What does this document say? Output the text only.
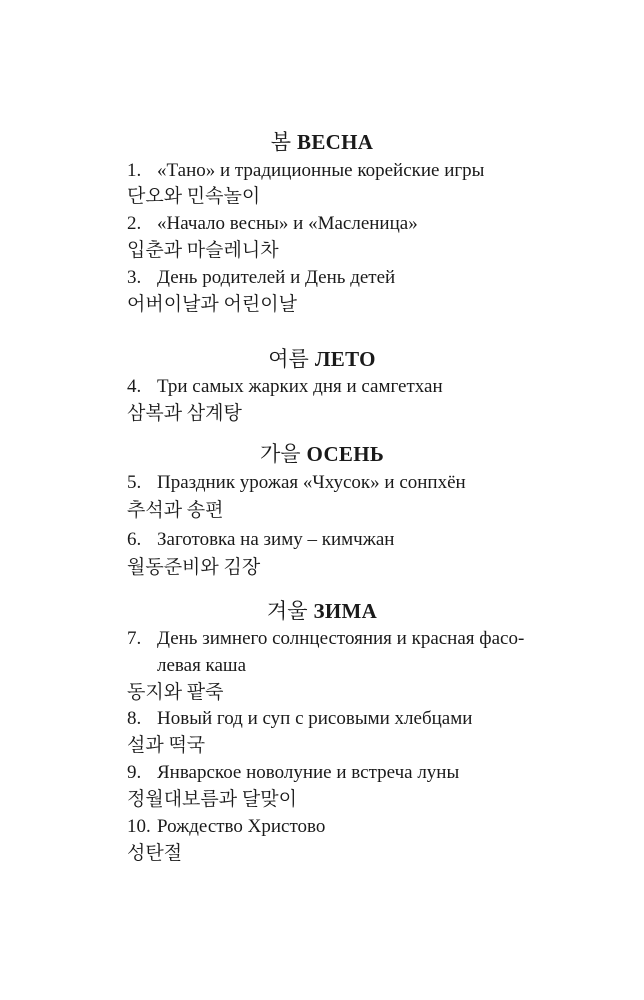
봄 ВЕСНА
1. «Тано» и традиционные корейские игры
단오와 민속놀이
2. «Начало весны» и «Масленица»
입춘과 마슬레니차
3. День родителей и День детей
어버이날과 어린이날
여름 ЛЕТО
4. Три самых жарких дня и самгетхан
삼복과 삼계탕
가을 ОСЕНЬ
5. Праздник урожая «Чхусок» и сонпхён
추석과 송편
6. Заготовка на зиму – кимчжан
월동준비와 김장
겨울 ЗИМА
7. День зимнего солнцестояния и красная фасо-
левая каша
동지와 팥죽
8. Новый год и суп с рисовыми хлебцами
설과 떡국
9. Январское новолуние и встреча луны
정월대보름과 달맞이
10. Рождество Христово
성탄절
